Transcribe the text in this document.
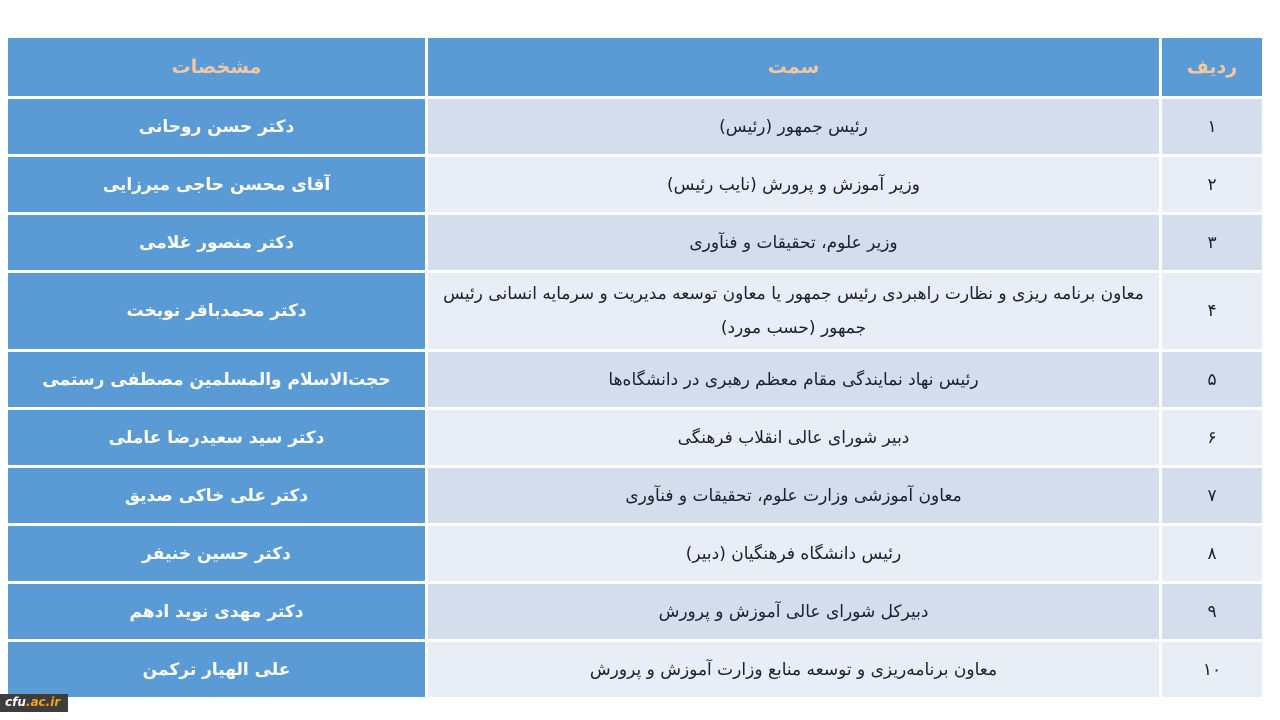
ردیف
سمت
مشخصات
۱
رئیس جمهور (رئیس)
دکتر حسن روحانی
۲
وزیر آموزش و پرورش (نایب رئیس)
آقای محسن حاجی میرزایی
۳
وزیر علوم، تحقیقات و فنآوری
دکتر منصور غلامی
۴
معاون برنامه ریزی و نظارت راهبردی رئیس جمهور یا معاون توسعه مدیریت و سرمایه انسانی رئیس جمهور (حسب مورد)
دکتر محمدباقر نوبخت
۵
رئیس نهاد نمایندگی مقام معظم رهبری در دانشگاه‌ها
حجت‌الاسلام والمسلمین مصطفی رستمی
۶
دبیر شورای عالی انقلاب فرهنگی
دکتر سید سعیدرضا عاملی
۷
معاون آموزشی وزارت علوم، تحقیقات و فنآوری
دکتر علی خاکی صدیق
۸
رئیس دانشگاه فرهنگیان (دبیر)
دکتر حسین خنیفر
۹
دبیرکل شورای عالی آموزش و پرورش
دکتر مهدی نوید ادهم
۱۰
معاون برنامه‌ریزی و توسعه منابع وزارت آموزش و پرورش
علی الهیار ترکمن
cfu.ac.ir
